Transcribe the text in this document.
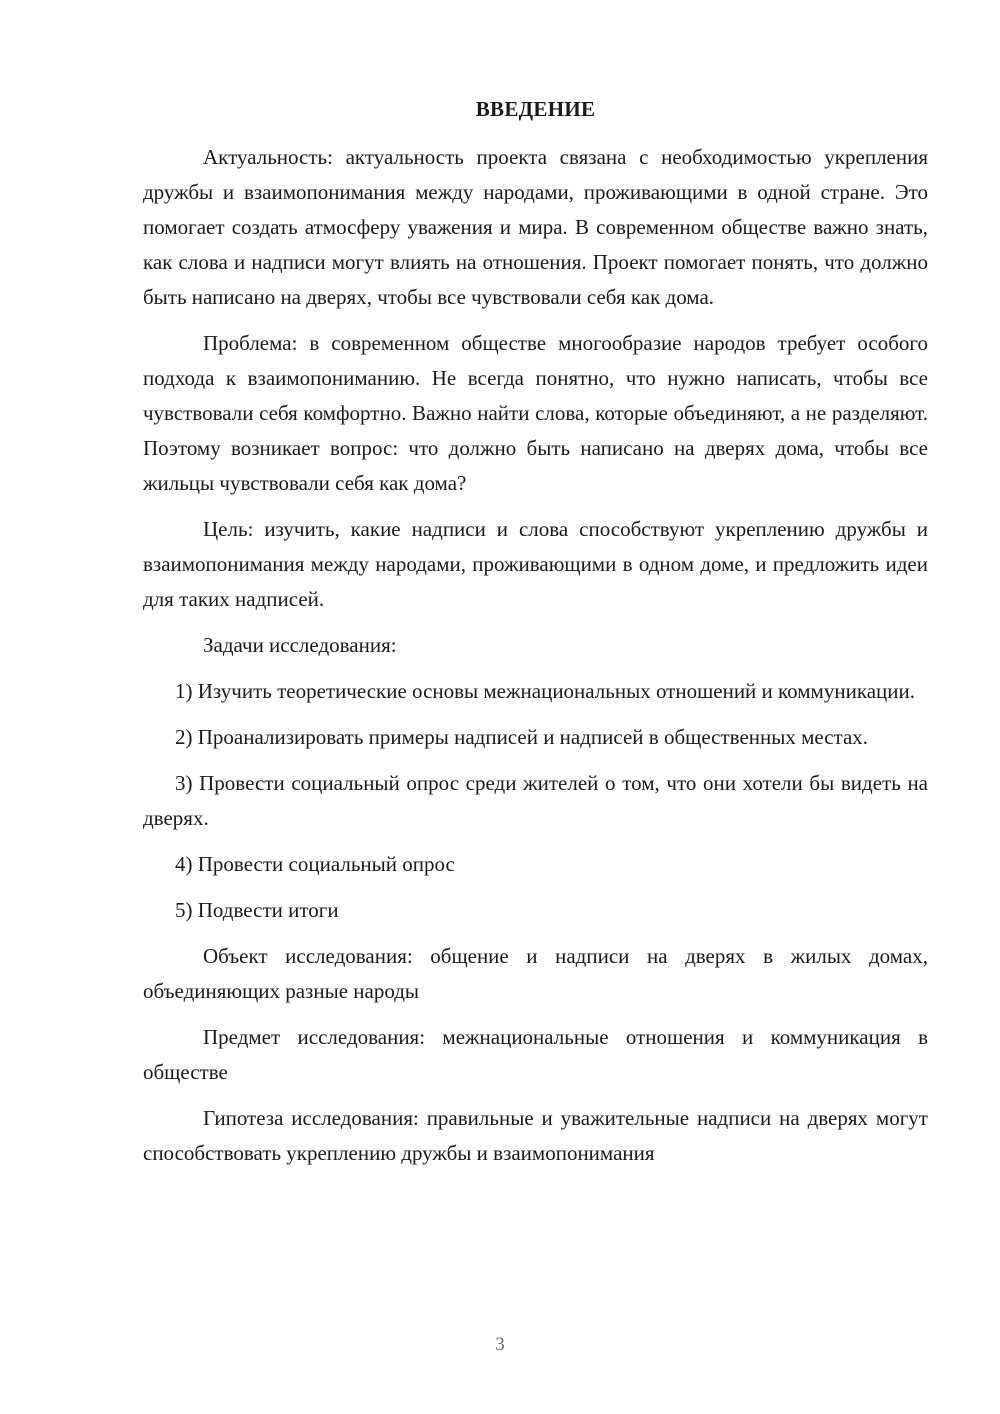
ВВЕДЕНИЕ

Актуальность: актуальность проекта связана с необходимостью укрепления дружбы и взаимопонимания между народами, проживающими в одной стране. Это помогает создать атмосферу уважения и мира. В современном обществе важно знать, как слова и надписи могут влиять на отношения. Проект помогает понять, что должно быть написано на дверях, чтобы все чувствовали себя как дома.

Проблема: в современном обществе многообразие народов требует особого подхода к взаимопониманию. Не всегда понятно, что нужно написать, чтобы все чувствовали себя комфортно. Важно найти слова, которые объединяют, а не разделяют. Поэтому возникает вопрос: что должно быть написано на дверях дома, чтобы все жильцы чувствовали себя как дома?

Цель: изучить, какие надписи и слова способствуют укреплению дружбы и взаимопонимания между народами, проживающими в одном доме, и предложить идеи для таких надписей.

Задачи исследования:

1) Изучить теоретические основы межнациональных отношений и коммуникации.

2) Проанализировать примеры надписей и надписей в общественных местах.

3) Провести социальный опрос среди жителей о том, что они хотели бы видеть на дверях.

4) Провести социальный опрос

5) Подвести итоги

Объект исследования: общение и надписи на дверях в жилых домах, объединяющих разные народы

Предмет исследования: межнациональные отношения и коммуникация в обществе

Гипотеза исследования: правильные и уважительные надписи на дверях могут способствовать укреплению дружбы и взаимопонимания

3
